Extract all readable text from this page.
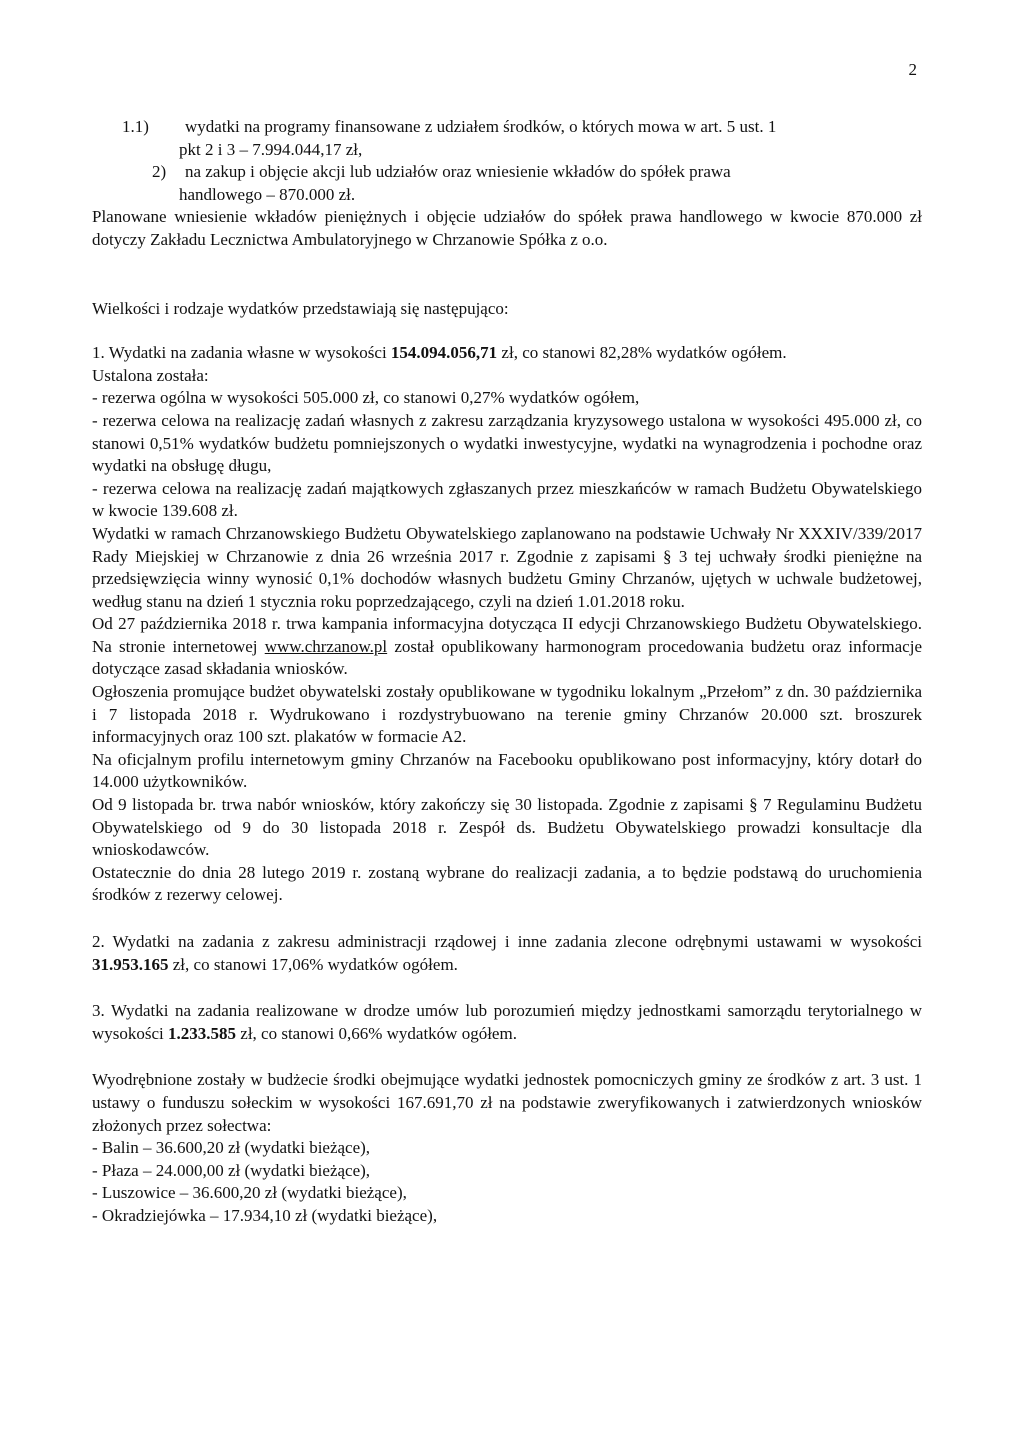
2
1.1)	wydatki na programy finansowane z udziałem środków, o których mowa w art. 5 ust. 1
pkt 2 i 3 – 7.994.044,17 zł,
2)	na zakup i objęcie akcji lub udziałów oraz wniesienie wkładów do spółek prawa
handlowego – 870.000 zł.

Planowane wniesienie wkładów pieniężnych i objęcie udziałów do spółek prawa handlowego w kwocie 870.000 zł dotyczy Zakładu Lecznictwa Ambulatoryjnego w Chrzanowie Spółka z o.o.

Wielkości i rodzaje wydatków przedstawiają się następująco:

1. Wydatki na zadania własne w wysokości 154.094.056,71 zł, co stanowi 82,28% wydatków ogółem.

Ustalona została:

- rezerwa ogólna w wysokości 505.000 zł, co stanowi 0,27% wydatków ogółem,

- rezerwa celowa na realizację zadań własnych z zakresu zarządzania kryzysowego ustalona w wysokości 495.000 zł, co stanowi 0,51% wydatków budżetu pomniejszonych o wydatki inwestycyjne, wydatki na wynagrodzenia i pochodne oraz wydatki na obsługę długu,

- rezerwa celowa na realizację zadań majątkowych zgłaszanych przez mieszkańców w ramach Budżetu Obywatelskiego w kwocie 139.608 zł.

Wydatki w ramach Chrzanowskiego Budżetu Obywatelskiego zaplanowano na podstawie Uchwały Nr XXXIV/339/2017 Rady Miejskiej w Chrzanowie z dnia 26 września 2017 r. Zgodnie z zapisami § 3 tej uchwały środki pieniężne na przedsięwzięcia winny wynosić 0,1% dochodów własnych budżetu Gminy Chrzanów, ujętych w uchwale budżetowej, według stanu na dzień 1 stycznia roku poprzedzającego, czyli na dzień 1.01.2018 roku.

Od 27 października 2018 r. trwa kampania informacyjna dotycząca II edycji Chrzanowskiego Budżetu Obywatelskiego. Na stronie internetowej www.chrzanow.pl został opublikowany harmonogram procedowania budżetu oraz informacje dotyczące zasad składania wniosków.

Ogłoszenia promujące budżet obywatelski zostały opublikowane w tygodniku lokalnym „Przełom” z dn. 30 października i 7 listopada 2018 r. Wydrukowano i rozdystrybuowano na terenie gminy Chrzanów 20.000 szt. broszurek informacyjnych oraz 100 szt. plakatów w formacie A2.

Na oficjalnym profilu internetowym gminy Chrzanów na Facebooku opublikowano post informacyjny, który dotarł do 14.000 użytkowników.

Od 9 listopada br. trwa nabór wniosków, który zakończy się 30 listopada. Zgodnie z zapisami § 7 Regulaminu Budżetu Obywatelskiego od 9 do 30 listopada 2018 r. Zespół ds. Budżetu Obywatelskiego prowadzi konsultacje dla wnioskodawców.

Ostatecznie do dnia 28 lutego 2019 r. zostaną wybrane do realizacji zadania, a to będzie podstawą do uruchomienia środków z rezerwy celowej.

2. Wydatki na zadania z zakresu administracji rządowej i inne zadania zlecone odrębnymi ustawami w wysokości 31.953.165 zł, co stanowi 17,06% wydatków ogółem.

3. Wydatki na zadania realizowane w drodze umów lub porozumień między jednostkami samorządu terytorialnego w wysokości 1.233.585 zł, co stanowi 0,66% wydatków ogółem.

Wyodrębnione zostały w budżecie środki obejmujące wydatki jednostek pomocniczych gminy ze środków z art. 3 ust. 1 ustawy o funduszu sołeckim w wysokości 167.691,70 zł na podstawie zweryfikowanych i zatwierdzonych wniosków złożonych przez sołectwa:

- Balin – 36.600,20 zł (wydatki bieżące),
- Płaza – 24.000,00 zł (wydatki bieżące),
- Luszowice – 36.600,20 zł (wydatki bieżące),
- Okradziejówka – 17.934,10 zł (wydatki bieżące),
